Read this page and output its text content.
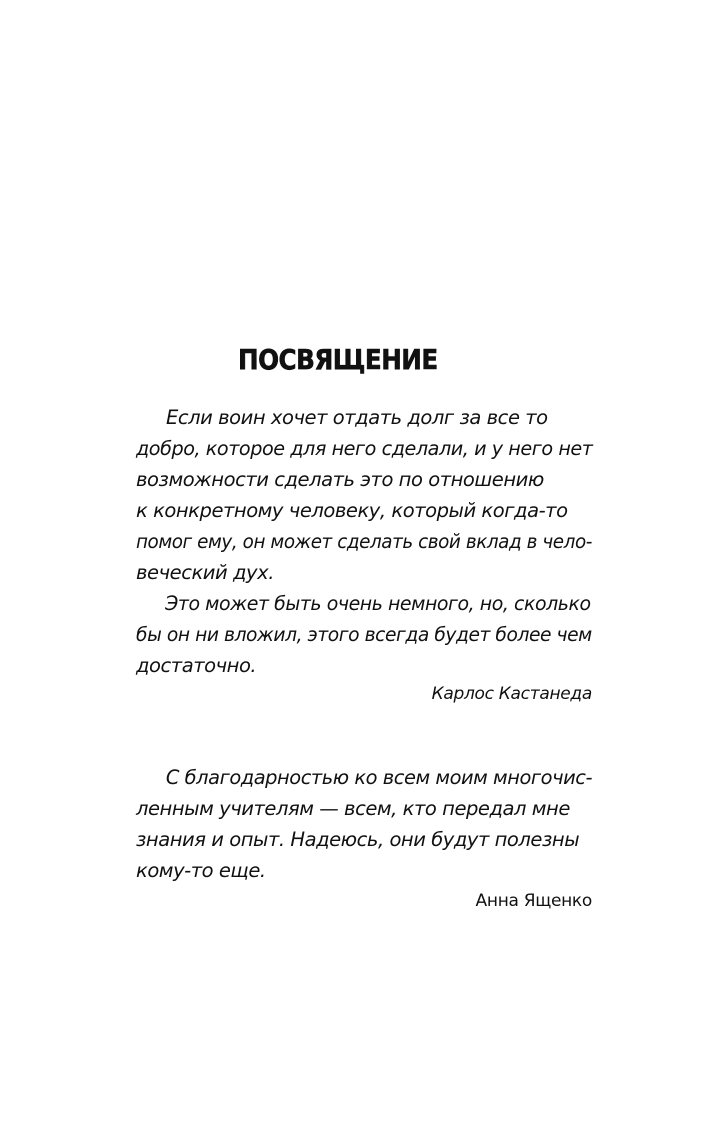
ПОСВЯЩЕНИЕ
Если воин хочет отдать долг за все то
добро, которое для него сделали, и у него нет
возможности сделать это по отношению
к конкретному человеку, который когда-то
помог ему, он может сделать свой вклад в чело-
веческий дух.
Это может быть очень немного, но, сколько
бы он ни вложил, этого всегда будет более чем
достаточно.
Карлос Кастанеда
С благодарностью ко всем моим многочис-
ленным учителям — всем, кто передал мне
знания и опыт. Надеюсь, они будут полезны
кому-то еще.
Анна Ященко
